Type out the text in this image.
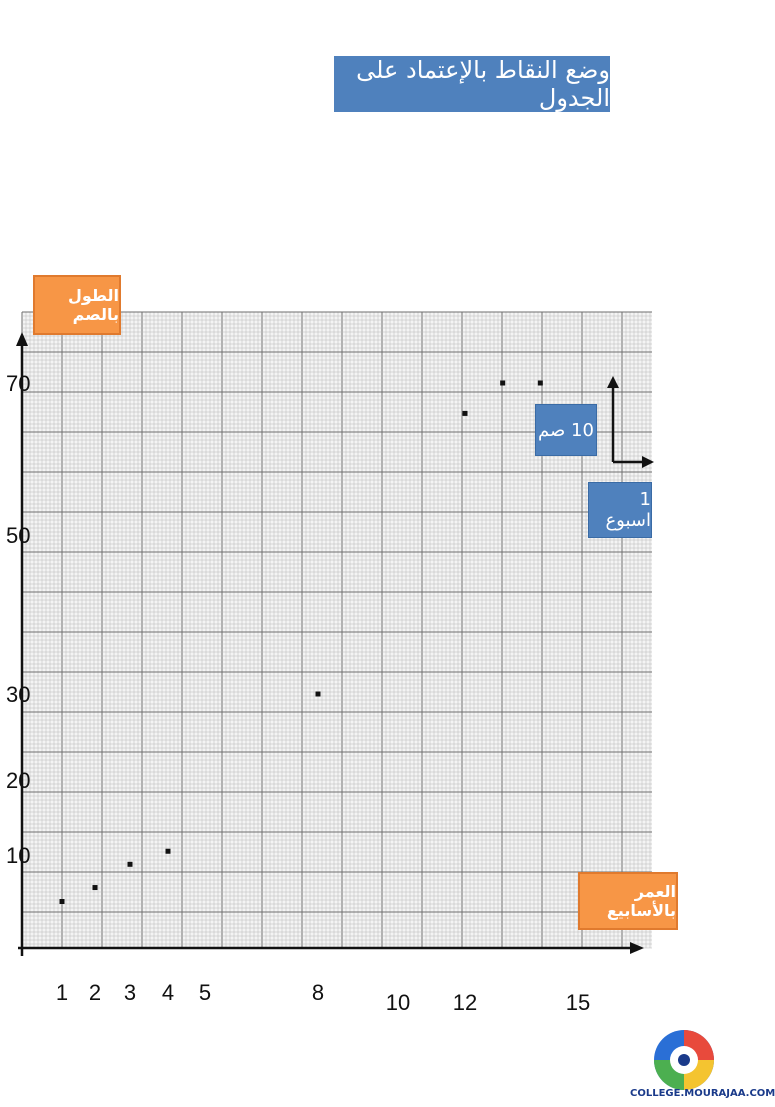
وضع النقاط بالإعتماد على الجدول
10
20
30
50
70
1 2 3 4 5	8	10 12	15
الطول بالصم
العمر بالأسابيع
10 صم
1 اسبوع
COLLEGE.MOURAJAA.COM
